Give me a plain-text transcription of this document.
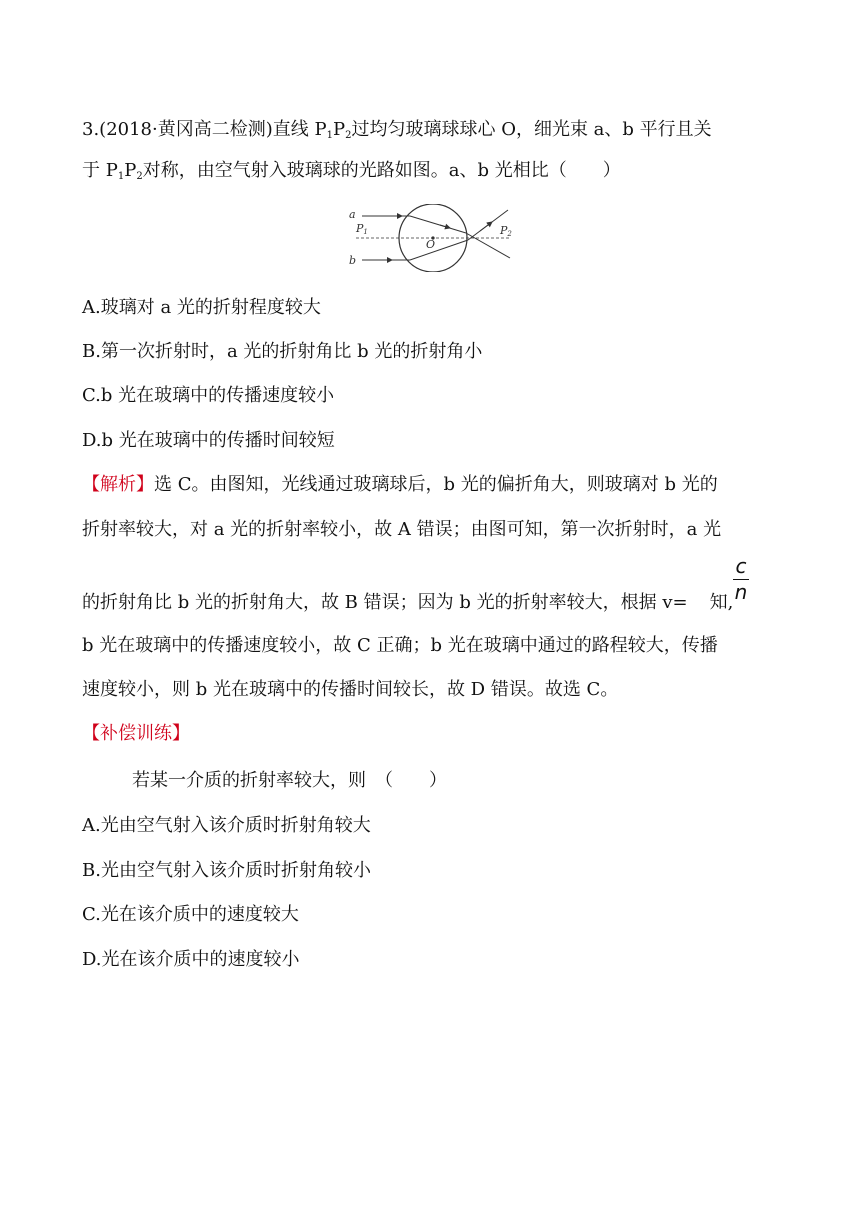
3.(2018·黄冈高二检测)直线 $P_1P_2$过均匀玻璃球球心 O，细光束 a、b 平行且关
于 $P_1P_2$对称，由空气射入玻璃球的光路如图。a、b 光相比（　　）
a
b
P1	P2
O
A.玻璃对 a 光的折射程度较大
B.第一次折射时，a 光的折射角比 b 光的折射角小
C.b 光在玻璃中的传播速度较小
D.b 光在玻璃中的传播时间较短
【解析】选 C。由图知，光线通过玻璃球后，b 光的偏折角大，则玻璃对 b 光的
折射率较大，对 a 光的折射率较小，故 A 错误；由图可知，第一次折射时，a 光
的折射角比 b 光的折射角大，故 B 错误；因为 b 光的折射率较大，根据 v= 知,
c
n
b 光在玻璃中的传播速度较小，故 C 正确；b 光在玻璃中通过的路程较大，传播
速度较小，则 b 光在玻璃中的传播时间较长，故 D 错误。故选 C。
【补偿训练】
若某一介质的折射率较大，则　（　　）
A.光由空气射入该介质时折射角较大
B.光由空气射入该介质时折射角较小
C.光在该介质中的速度较大
D.光在该介质中的速度较小
